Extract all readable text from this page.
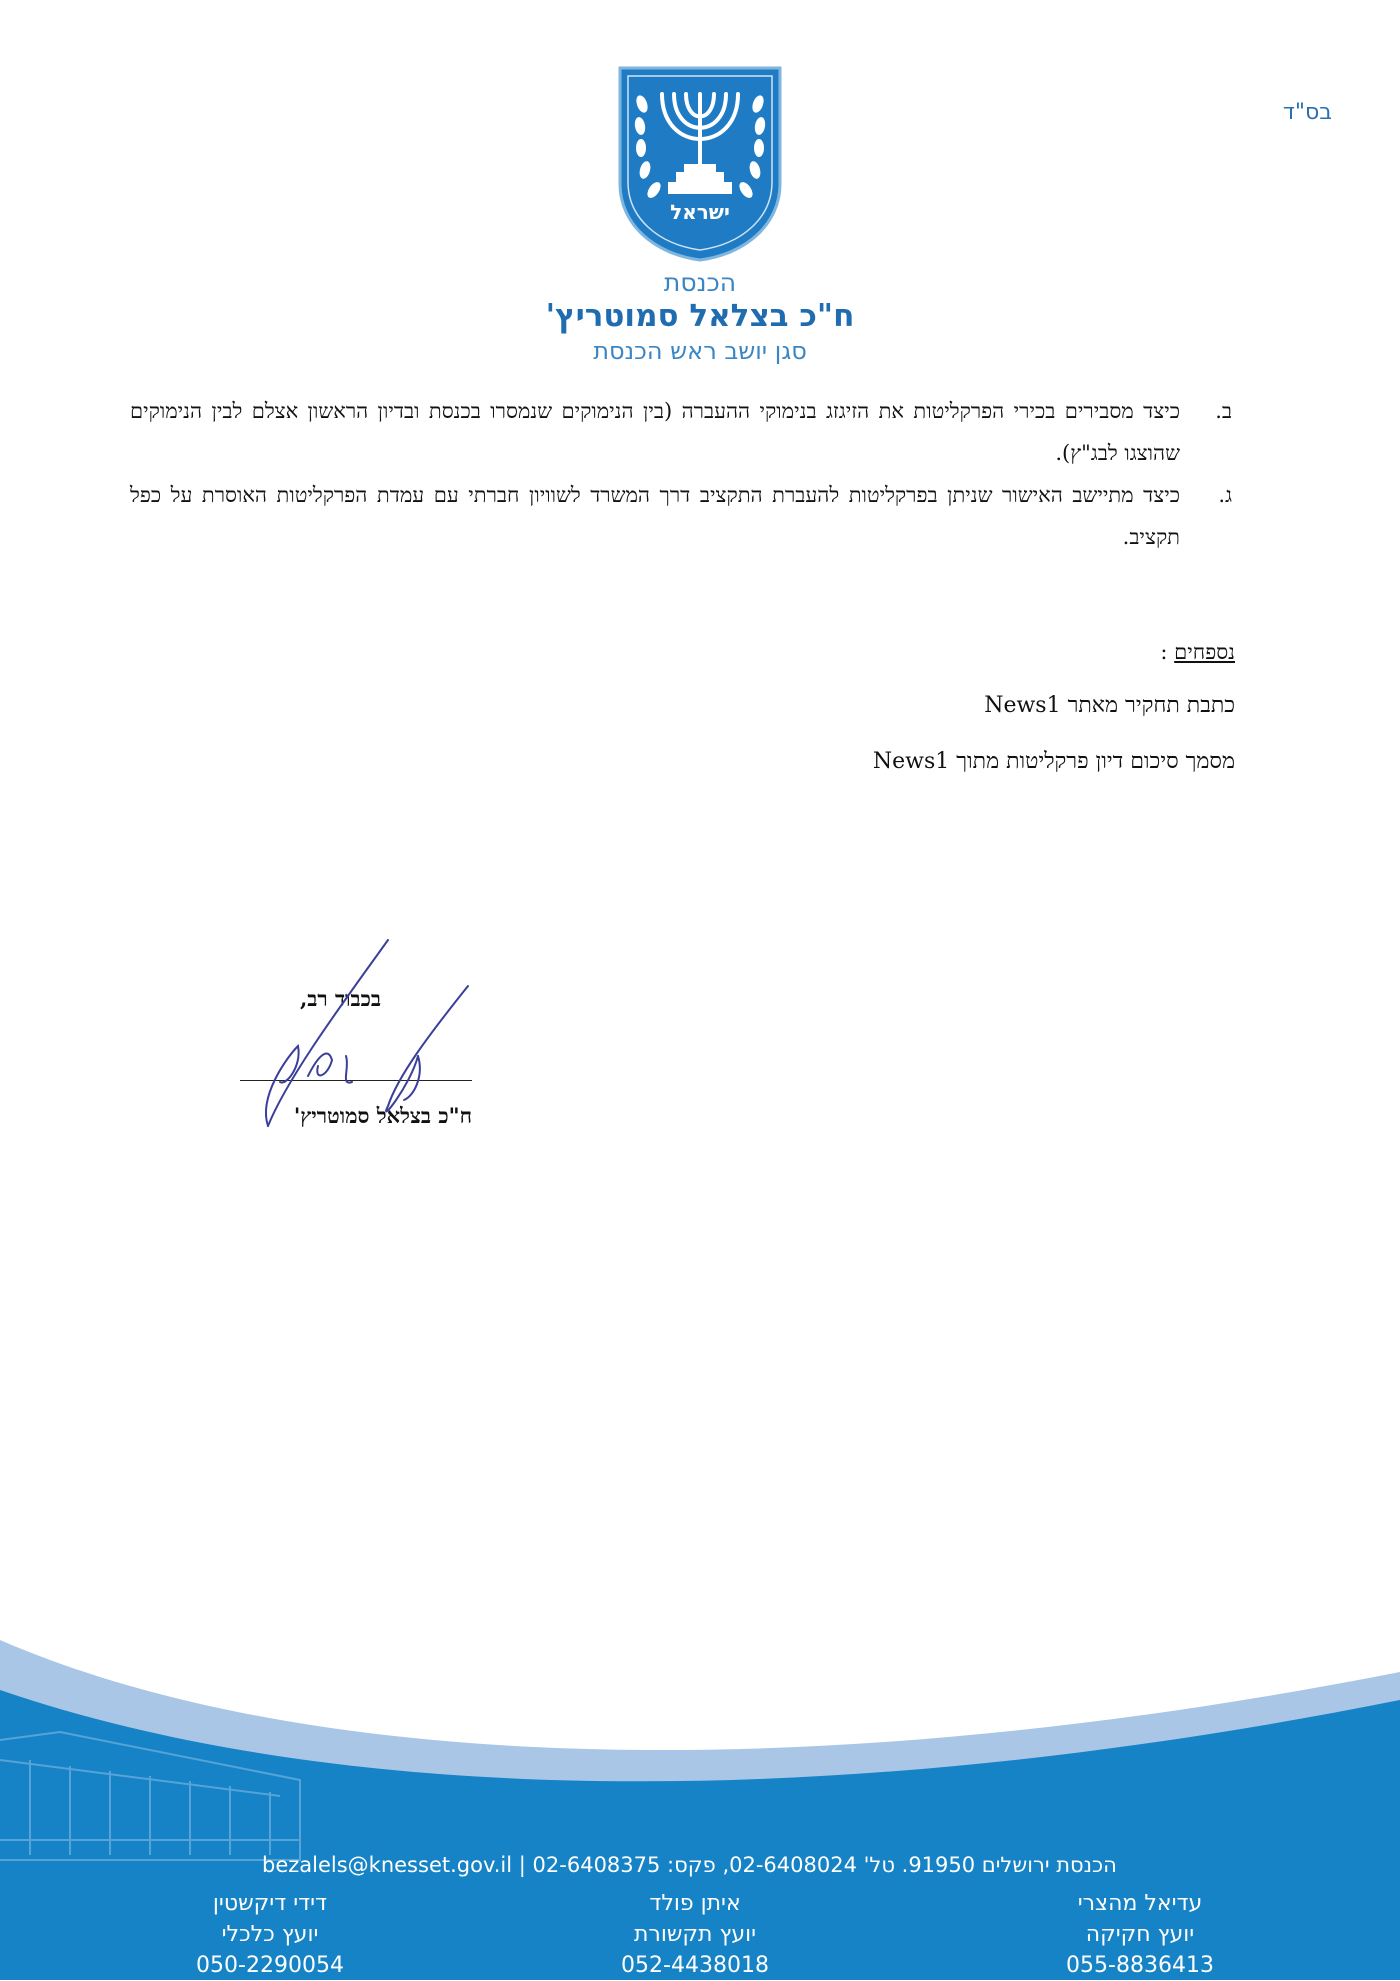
בס"ד
ישראל
הכנסת
ח"כ בצלאל סמוטריץ'
סגן יושב ראש הכנסת
ב.
כיצד מסבירים בכירי הפרקליטות את הזיגזג בנימוקי ההעברה (בין הנימוקים שנמסרו בכנסת ובדיון הראשון אצלם לבין הנימוקים שהוצגו לבג"ץ).
ג.
כיצד מתיישב האישור שניתן בפרקליטות להעברת התקציב דרך המשרד לשוויון חברתי עם עמדת הפרקליטות האוסרת על כפל תקציב.
נספחים :
כתבת תחקיר מאתר News1
מסמך סיכום דיון פרקליטות מתוך News1
בכבוד רב,
ח"כ בצלאל סמוטריץ'
bezalels@knesset.gov.il | הכנסת ירושלים 91950. טל' 02-6408024, פקס: 02-6408375
עדיאל מהצרי
יועץ חקיקה
055-8836413
איתן פולד
יועץ תקשורת
052-4438018
דידי דיקשטין
יועץ כלכלי
050-2290054
